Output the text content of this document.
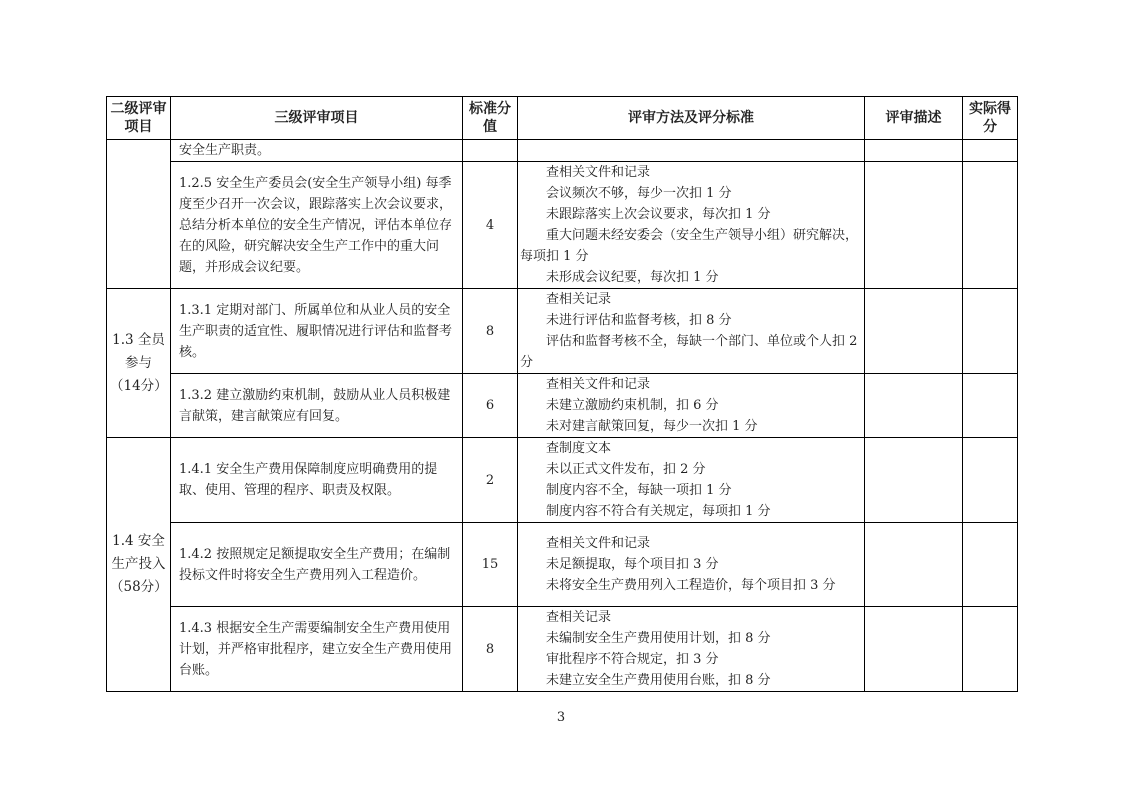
二级评审项目	三级评审项目	标准分值	评审方法及评分标准	评审描述	实际得分
	安全生产职责。				
	1.2.5 安全生产委员会(安全生产领导小组) 每季度至少召开一次会议，跟踪落实上次会议要求，总结分析本单位的安全生产情况，评估本单位存在的风险，研究解决安全生产工作中的重大问题，并形成会议纪要。	4	查相关文件和记录
会议频次不够，每少一次扣 1 分
未跟踪落实上次会议要求，每次扣 1 分
重大问题未经安委会（安全生产领导小组）研究解决，每项扣 1 分
未形成会议纪要，每次扣 1 分		

1.3 全员参与（14分）	1.3.1 定期对部门、所属单位和从业人员的安全生产职责的适宜性、履职情况进行评估和监督考核。	8	查相关记录
未进行评估和监督考核，扣 8 分
评估和监督考核不全，每缺一个部门、单位或个人扣 2 分		

	1.3.2 建立激励约束机制，鼓励从业人员积极建言献策，建言献策应有回复。	6	查相关文件和记录
未建立激励约束机制，扣 6 分
未对建言献策回复，每少一次扣 1 分		

1.4 安全生产投入（58分）	1.4.1 安全生产费用保障制度应明确费用的提取、使用、管理的程序、职责及权限。	2	查制度文本
未以正式文件发布，扣 2 分
制度内容不全，每缺一项扣 1 分
制度内容不符合有关规定，每项扣 1 分		

	1.4.2 按照规定足额提取安全生产费用；在编制投标文件时将安全生产费用列入工程造价。	15	查相关文件和记录
未足额提取，每个项目扣 3 分
未将安全生产费用列入工程造价，每个项目扣 3 分		

	1.4.3 根据安全生产需要编制安全生产费用使用计划，并严格审批程序，建立安全生产费用使用台账。	8	查相关记录
未编制安全生产费用使用计划，扣 8 分
审批程序不符合规定，扣 3 分
未建立安全生产费用使用台账，扣 8 分		

3
